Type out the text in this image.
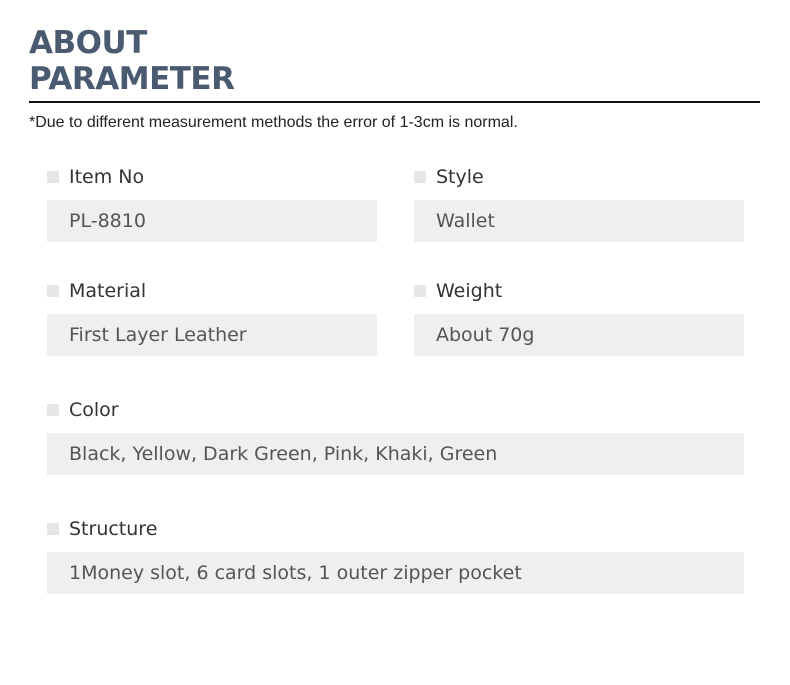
ABOUT
PARAMETER
*Due to different measurement methods the error of 1-3cm is normal.
Item No
PL-8810
Style
Wallet
Material
First Layer Leather
Weight
About 70g
Color
Black, Yellow, Dark Green, Pink, Khaki, Green
Structure
1Money slot, 6 card slots, 1 outer zipper pocket
